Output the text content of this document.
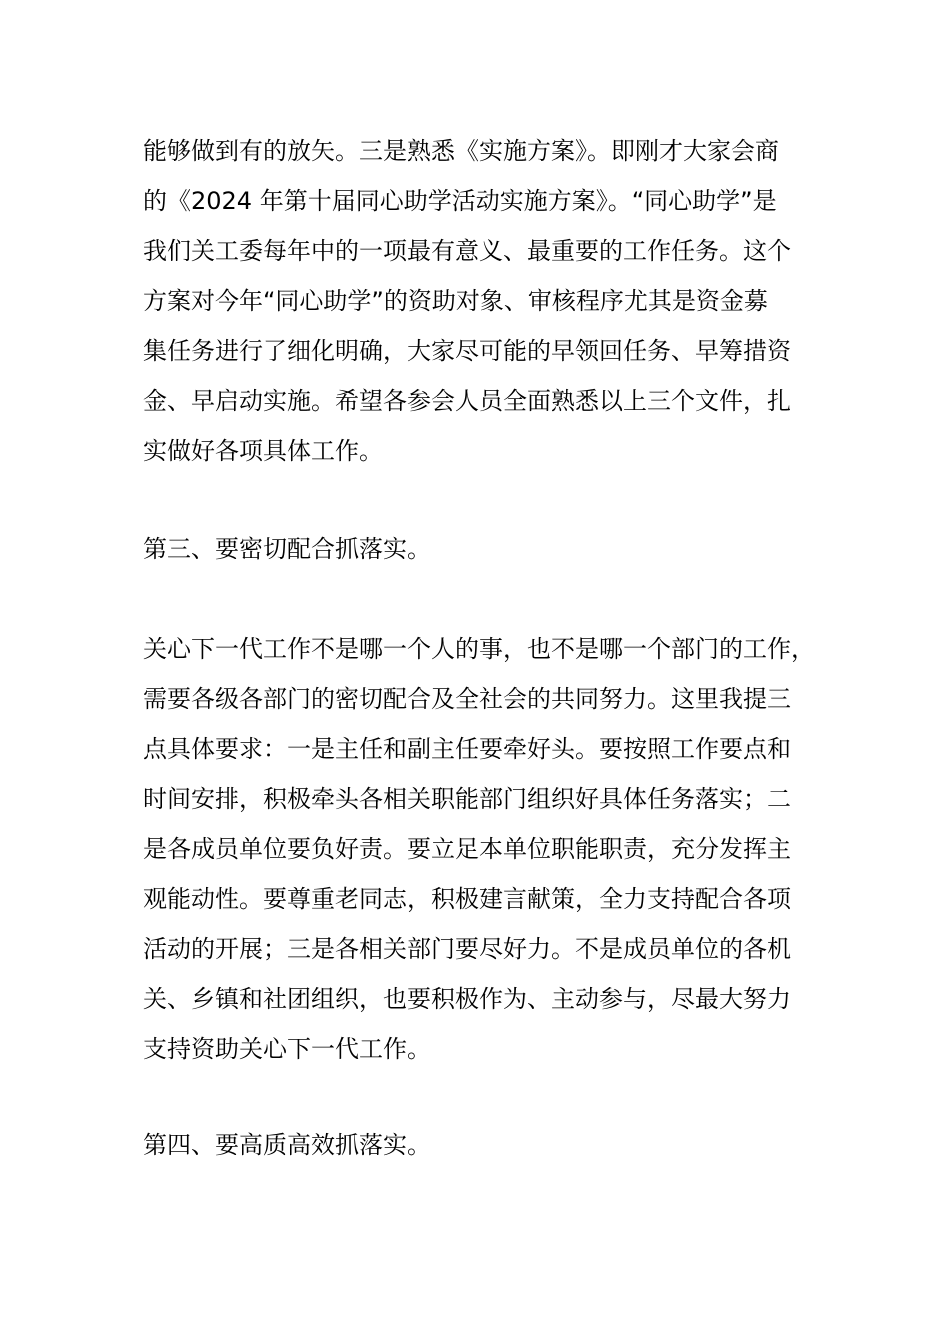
能够做到有的放矢。三是熟悉《实施方案》。即刚才大家会商
的《2024 年第十届同心助学活动实施方案》。“同心助学”是
我们关工委每年中的一项最有意义、最重要的工作任务。这个
方案对今年“同心助学”的资助对象、审核程序尤其是资金募
集任务进行了细化明确，大家尽可能的早领回任务、早筹措资
金、早启动实施。希望各参会人员全面熟悉以上三个文件，扎
实做好各项具体工作。
第三、要密切配合抓落实。
关心下一代工作不是哪一个人的事，也不是哪一个部门的工作，
需要各级各部门的密切配合及全社会的共同努力。这里我提三
点具体要求：一是主任和副主任要牵好头。要按照工作要点和
时间安排，积极牵头各相关职能部门组织好具体任务落实；二
是各成员单位要负好责。要立足本单位职能职责，充分发挥主
观能动性。要尊重老同志，积极建言献策，全力支持配合各项
活动的开展；三是各相关部门要尽好力。不是成员单位的各机
关、乡镇和社团组织，也要积极作为、主动参与，尽最大努力
支持资助关心下一代工作。
第四、要高质高效抓落实。
